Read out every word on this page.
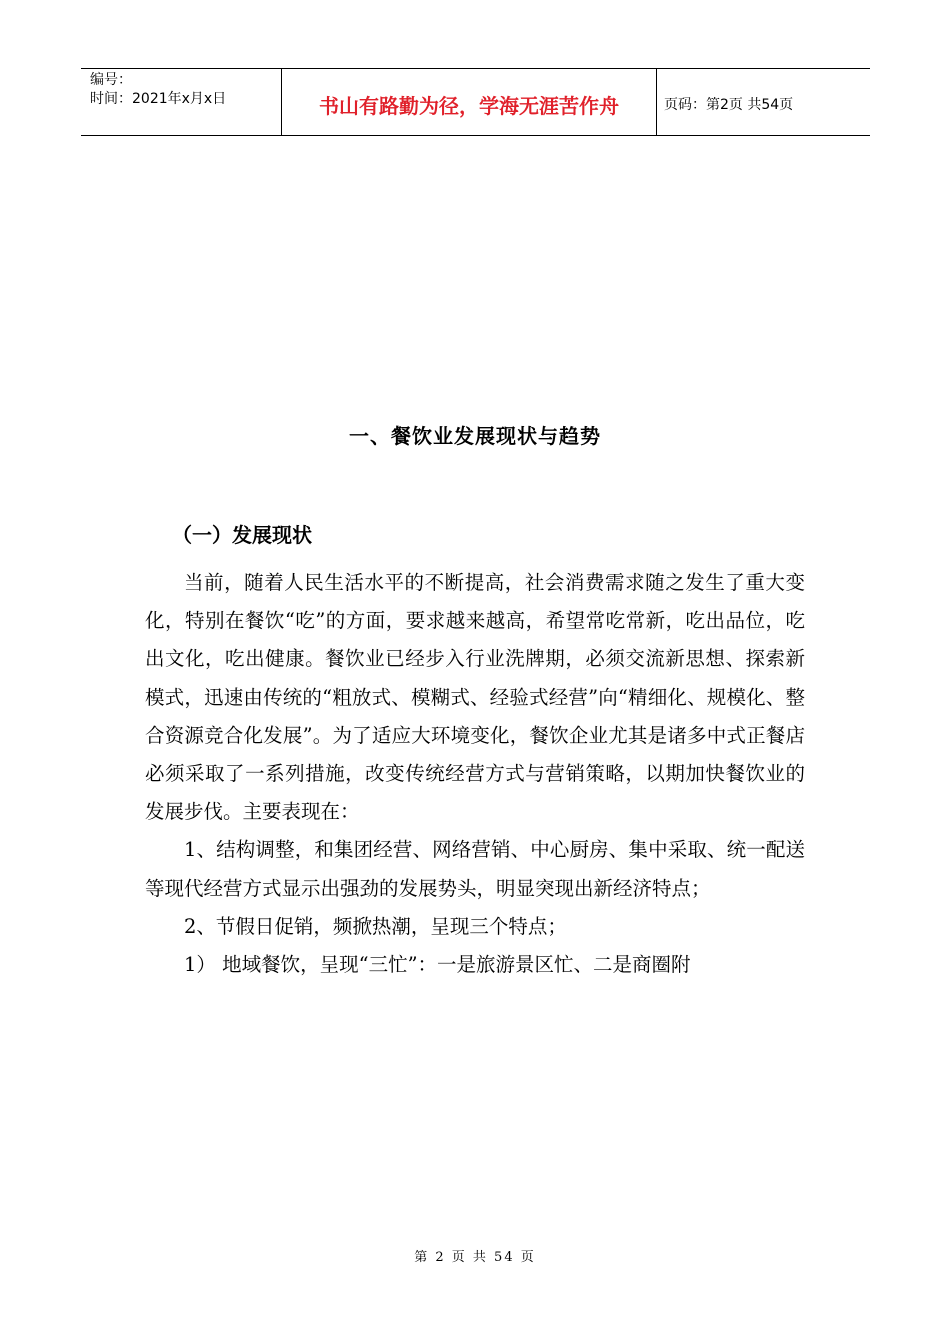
编号：
时间：2021年x月x日	书山有路勤为径，学海无涯苦作舟	页码：第2页 共54页
一、餐饮业发展现状与趋势
（一）发展现状

当前，随着人民生活水平的不断提高，社会消费需求随之发生了重大变化，特别在餐饮“吃”的方面，要求越来越高，希望常吃常新，吃出品位，吃出文化，吃出健康。餐饮业已经步入行业洗牌期，必须交流新思想、探索新模式，迅速由传统的“粗放式、模糊式、经验式经营”向“精细化、规模化、整合资源竞合化发展”。为了适应大环境变化，餐饮企业尤其是诸多中式正餐店必须采取了一系列措施，改变传统经营方式与营销策略，以期加快餐饮业的发展步伐。主要表现在：

1、结构调整，和集团经营、网络营销、中心厨房、集中采取、统一配送等现代经营方式显示出强劲的发展势头，明显突现出新经济特点；

2、节假日促销，频掀热潮，呈现三个特点；

1） 地域餐饮，呈现“三忙”：一是旅游景区忙、二是商圈附

第 2 页 共 54 页
